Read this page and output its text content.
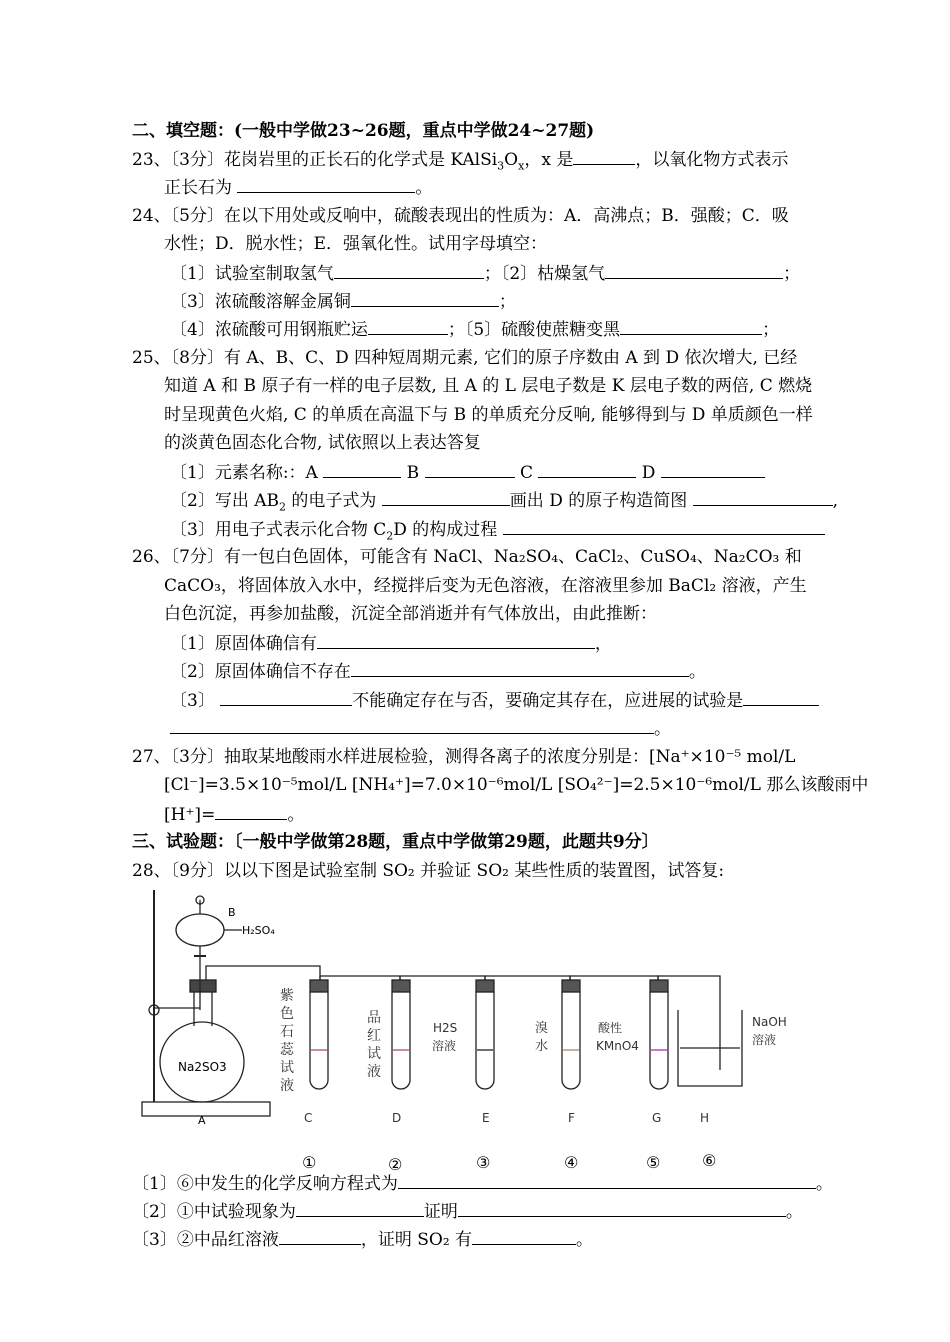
二、填空题：(一般中学做23~26题，重点中学做24~27题)
23、〔3分〕花岗岩里的正长石的化学式是 $KAlSi_3O_x$，x 是	，以氧化物方式表示
正长石为	。
24、〔5分〕在以下用处或反响中，硫酸表现出的性质为：A．高沸点；B．强酸；C．吸
水性；D．脱水性；E．强氧化性。试用字母填空：
〔1〕试验室制取氢气	；〔2〕枯燥氢气	；
〔3〕浓硫酸溶解金属铜	；
〔4〕浓硫酸可用钢瓶贮运	；〔5〕硫酸使蔗糖变黑	；
25、〔8分〕有 A、B、C、D 四种短周期元素, 它们的原子序数由 A 到 D 依次增大, 已经
知道 A 和 B 原子有一样的电子层数, 且 A 的 L 层电子数是 K 层电子数的两倍, C 燃烧
时呈现黄色火焰, C 的单质在高温下与 B 的单质充分反响, 能够得到与 D 单质颜色一样
的淡黄色固态化合物, 试依照以上表达答复
〔1〕元素名称:：A	B	C	D
〔2〕写出 $AB_2$ 的电子式为	画出 D 的原子构造简图	,
〔3〕用电子式表示化合物 $C_2D$ 的构成过程
26、〔7分〕有一包白色固体，可能含有 NaCl、Na₂SO₄、CaCl₂、CuSO₄、Na₂CO₃ 和
CaCO₃，将固体放入水中，经搅拌后变为无色溶液，在溶液里参加 BaCl₂ 溶液，产生
白色沉淀，再参加盐酸，沉淀全部消逝并有气体放出，由此推断：
〔1〕原固体确信有	，
〔2〕原固体确信不存在	。
〔3〕	不能确定存在与否，要确定其存在，应进展的试验是
。
27、〔3分〕抽取某地酸雨水样进展检验，测得各离子的浓度分别是：[Na⁺×10⁻⁵ mol/L
[Cl⁻]=3.5×10⁻⁵mol/L [NH₄⁺]=7.0×10⁻⁶mol/L [SO₄²⁻]=2.5×10⁻⁶mol/L 那么该酸雨中
[H⁺]=	。
三、试验题：〔一般中学做第28题，重点中学做第29题，此题共9分〕
28、〔9分〕以以下图是试验室制 SO₂ 并验证 SO₂ 某些性质的装置图，试答复:
Na2SO3
A
B
H₂SO₄
紫
色
石
蕊
试
液
品
红
试
液
H2S
溶液
溴
水
酸性
KMnO4
NaOH
溶液
C	D	E	F	G	H
①	②	③	④	⑤	⑥
〔1〕⑥中发生的化学反响方程式为	。
〔2〕①中试验现象为	证明	。
〔3〕②中品红溶液	，证明 SO₂ 有	。
